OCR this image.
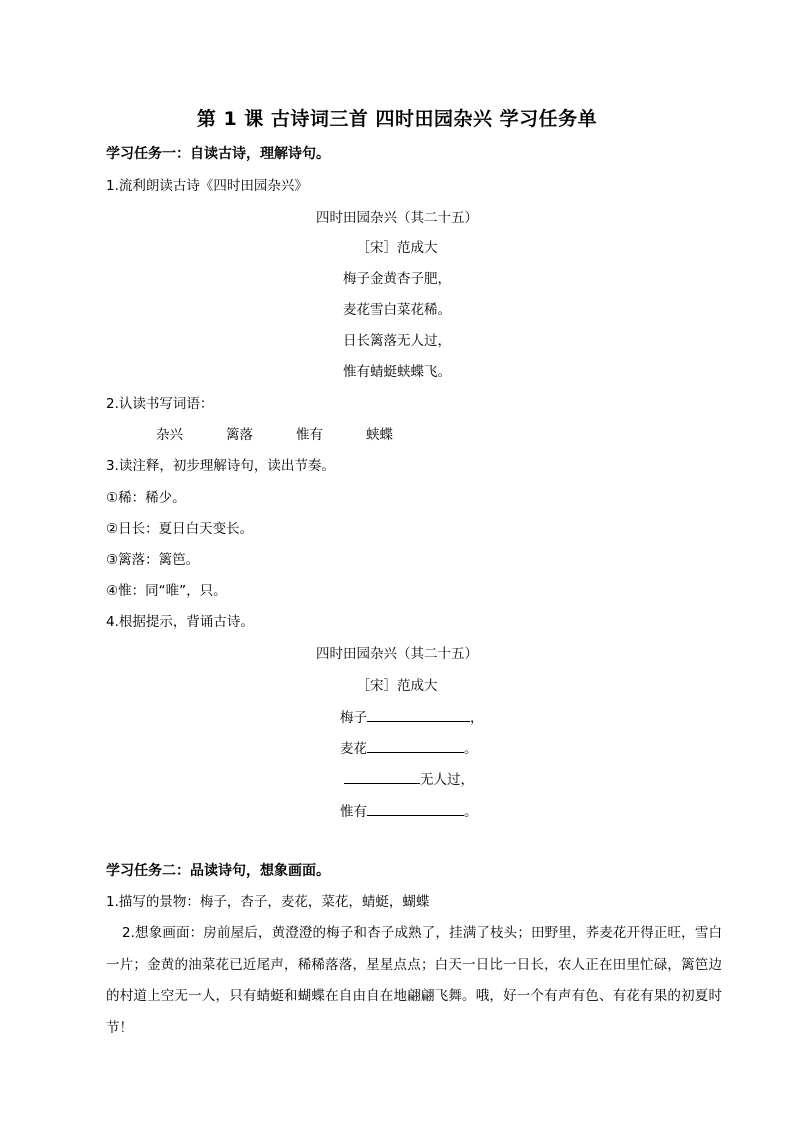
第 1 课 古诗词三首 四时田园杂兴 学习任务单
学习任务一：自读古诗，理解诗句。
1.流利朗读古诗《四时田园杂兴》
四时田园杂兴（其二十五）
［宋］范成大
梅子金黄杏子肥，
麦花雪白菜花稀。
日长篱落无人过，
惟有蜻蜓蛱蝶飞。
2.认读书写词语：
杂兴	篱落	惟有	蛱蝶
3.读注释，初步理解诗句，读出节奏。
①稀：稀少。
②日长：夏日白天变长。
③篱落：篱笆。
④惟：同“唯”，只。
4.根据提示，背诵古诗。
四时田园杂兴（其二十五）
［宋］范成大
梅子	，
麦花	。
无人过，
惟有	。
学习任务二：品读诗句，想象画面。
1.描写的景物：梅子，杏子，麦花，菜花，蜻蜓，蝴蝶
2.想象画面：房前屋后，黄澄澄的梅子和杏子成熟了，挂满了枝头；田野里，荞麦花开得正旺，雪白一片；金黄的油菜花已近尾声，稀稀落落，星星点点；白天一日比一日长，农人正在田里忙碌，篱笆边的村道上空无一人，只有蜻蜓和蝴蝶在自由自在地翩翩飞舞。哦，好一个有声有色、有花有果的初夏时节！
